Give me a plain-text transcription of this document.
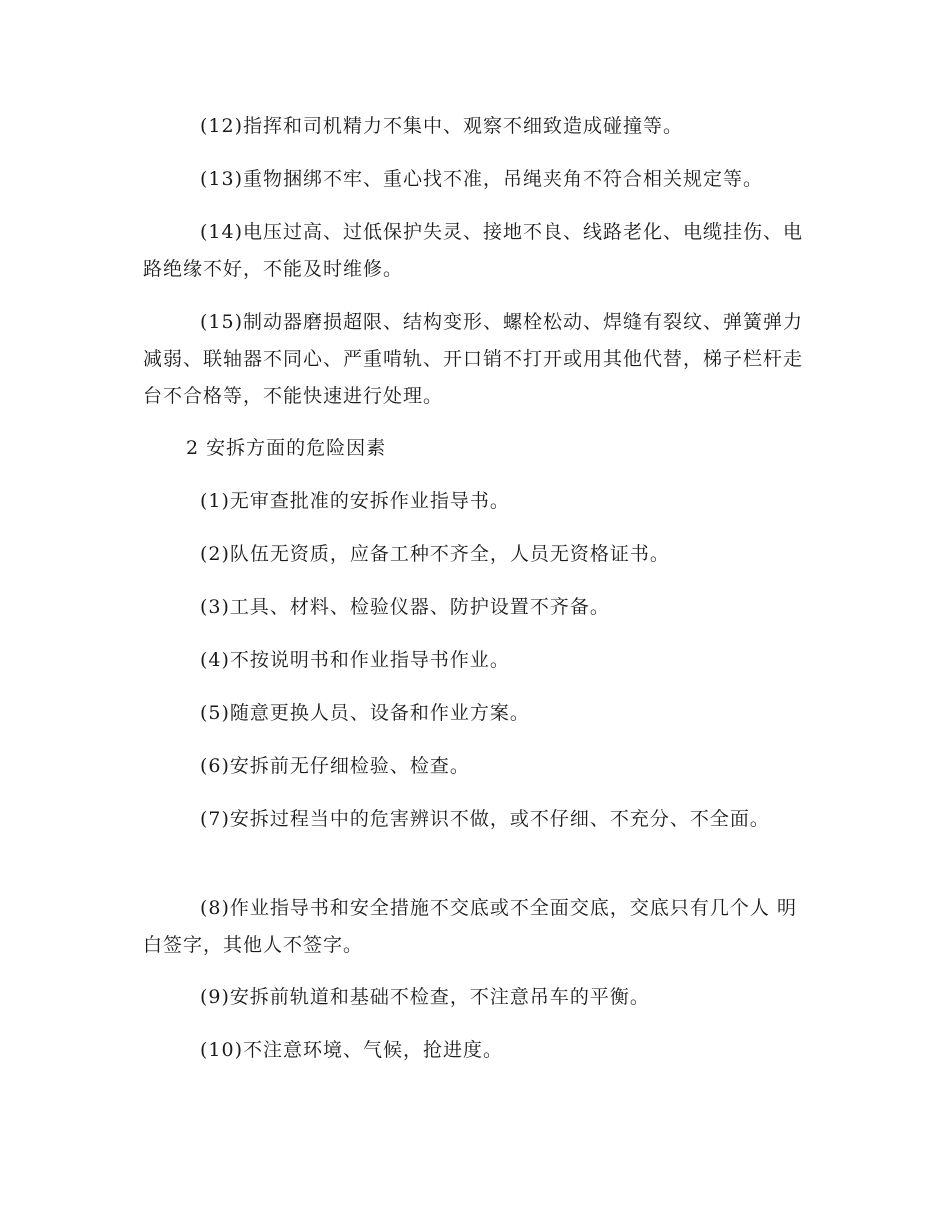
(12)指挥和司机精力不集中、观察不细致造成碰撞等。

(13)重物捆绑不牢、重心找不准，吊绳夹角不符合相关规定等。

(14)电压过高、过低保护失灵、接地不良、线路老化、电缆挂伤、电路绝缘不好，不能及时维修。

(15)制动器磨损超限、结构变形、螺栓松动、焊缝有裂纹、弹簧弹力减弱、联轴器不同心、严重啃轨、开口销不打开或用其他代替，梯子栏杆走台不合格等，不能快速进行处理。

2 安拆方面的危险因素

(1)无审查批准的安拆作业指导书。

(2)队伍无资质，应备工种不齐全，人员无资格证书。

(3)工具、材料、检验仪器、防护设置不齐备。

(4)不按说明书和作业指导书作业。

(5)随意更换人员、设备和作业方案。

(6)安拆前无仔细检验、检查。

(7)安拆过程当中的危害辨识不做，或不仔细、不充分、不全面。

(8)作业指导书和安全措施不交底或不全面交底，交底只有几个人 明白签字，其他人不签字。

(9)安拆前轨道和基础不检查，不注意吊车的平衡。

(10)不注意环境、气候，抢进度。
